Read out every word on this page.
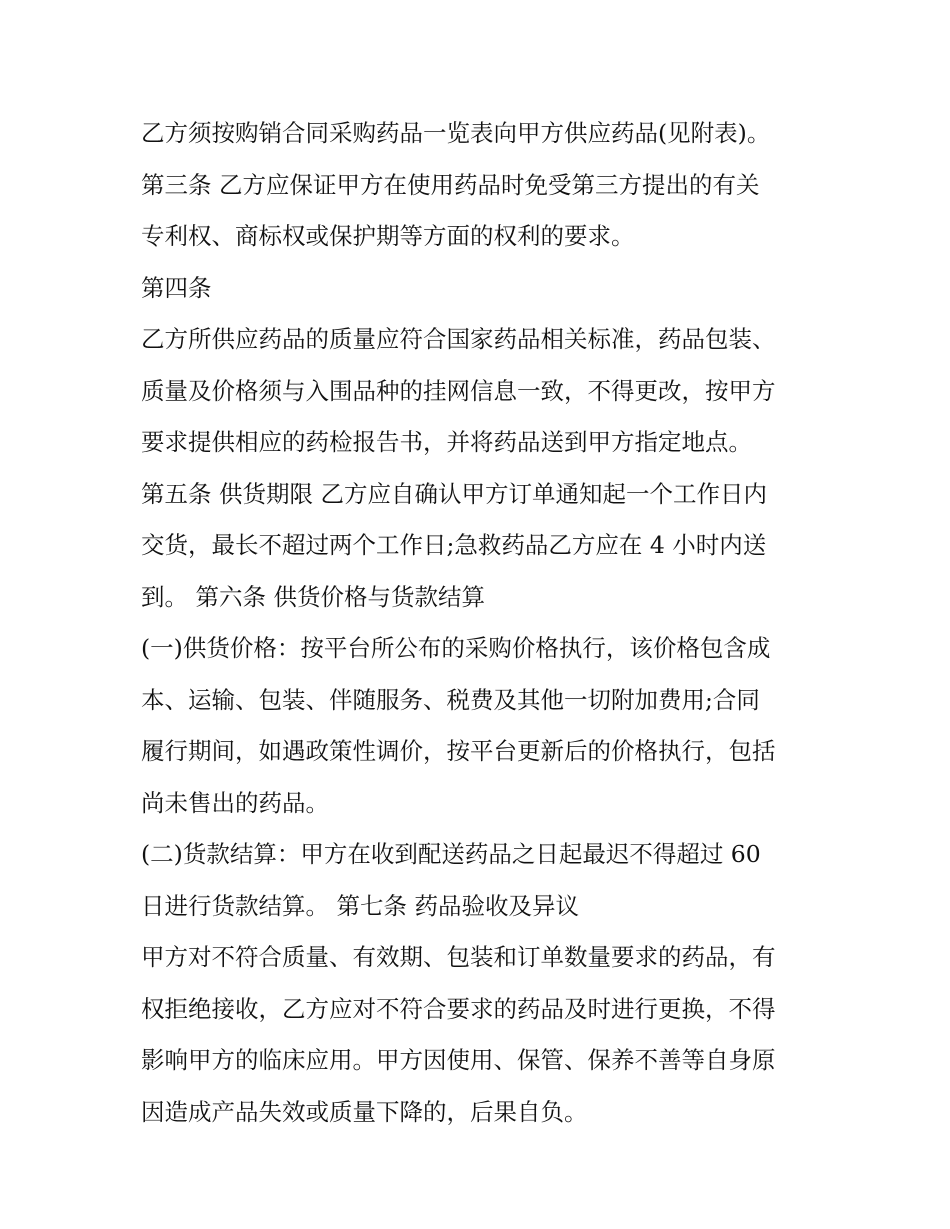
乙方须按购销合同采购药品一览表向甲方供应药品(见附表)。
第三条 乙方应保证甲方在使用药品时免受第三方提出的有关
专利权、商标权或保护期等方面的权利的要求。
第四条
乙方所供应药品的质量应符合国家药品相关标准，药品包装、
质量及价格须与入围品种的挂网信息一致，不得更改，按甲方
要求提供相应的药检报告书，并将药品送到甲方指定地点。
第五条 供货期限 乙方应自确认甲方订单通知起一个工作日内
交货，最长不超过两个工作日;急救药品乙方应在 4 小时内送
到。 第六条 供货价格与货款结算
(一)供货价格：按平台所公布的采购价格执行，该价格包含成
本、运输、包装、伴随服务、税费及其他一切附加费用;合同
履行期间，如遇政策性调价，按平台更新后的价格执行，包括
尚未售出的药品。
(二)货款结算：甲方在收到配送药品之日起最迟不得超过 60
日进行货款结算。 第七条 药品验收及异议
甲方对不符合质量、有效期、包装和订单数量要求的药品，有
权拒绝接收，乙方应对不符合要求的药品及时进行更换，不得
影响甲方的临床应用。甲方因使用、保管、保养不善等自身原
因造成产品失效或质量下降的，后果自负。
